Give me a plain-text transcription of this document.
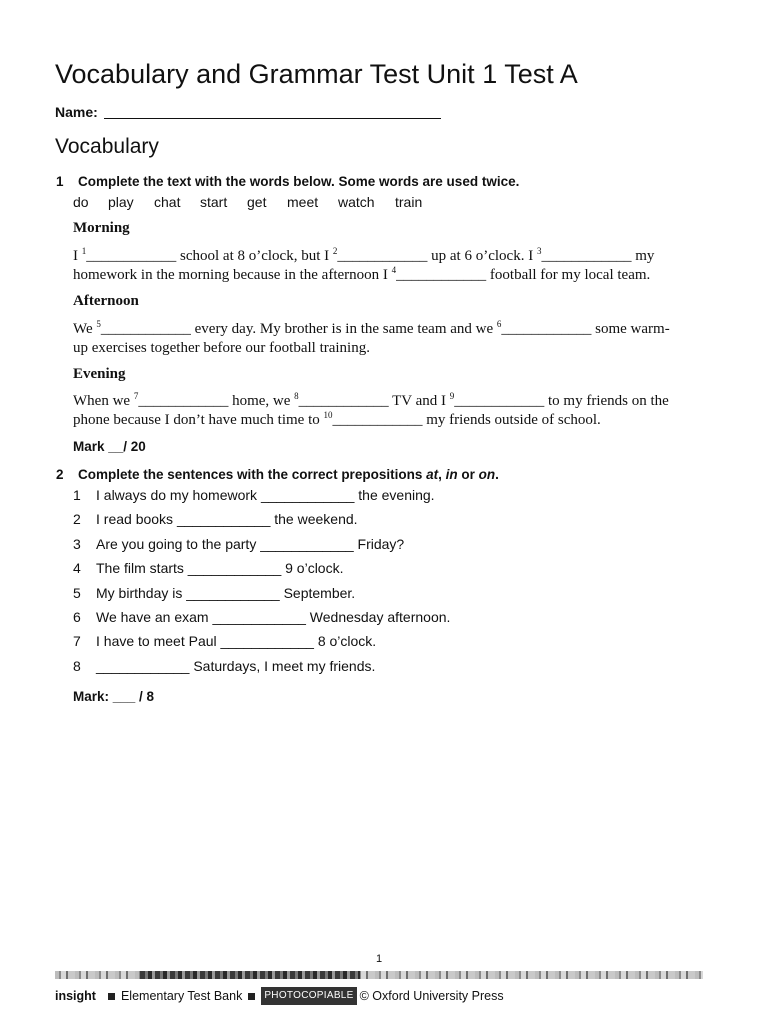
Vocabulary and Grammar Test Unit 1 Test A
Name:
Vocabulary
1 Complete the text with the words below. Some words are used twice.
do play chat start get meet watch train
Morning

I $^1$____________ school at 8 o’clock, but I $^2$____________ up at 6 o’clock. I $^3$____________ my

homework in the morning because in the afternoon I $^4$____________ football for my local team.

Afternoon

We $^5$____________ every day. My brother is in the same team and we $^6$____________ some warm-

up exercises together before our football training.

Evening

When we $^7$____________ home, we $^8$____________ TV and I $^9$____________ to my friends on the

phone because I don’t have much time to $^{10}$____________ my friends outside of school.

Mark __/ 20
2 Complete the sentences with the correct prepositions at, in or on.
1	I always do my homework ____________ the evening.
2	I read books ____________ the weekend.
3	Are you going to the party ____________ Friday?
4	The film starts ____________ 9 o’clock.
5	My birthday is ____________ September.
6	We have an exam ____________ Wednesday afternoon.
7	I have to meet Paul ____________ 8 o’clock.
8	____________ Saturdays, I meet my friends.
Mark: ___ / 8
1
insight Elementary Test Bank	PHOTOCOPIABLE © Oxford University Press
